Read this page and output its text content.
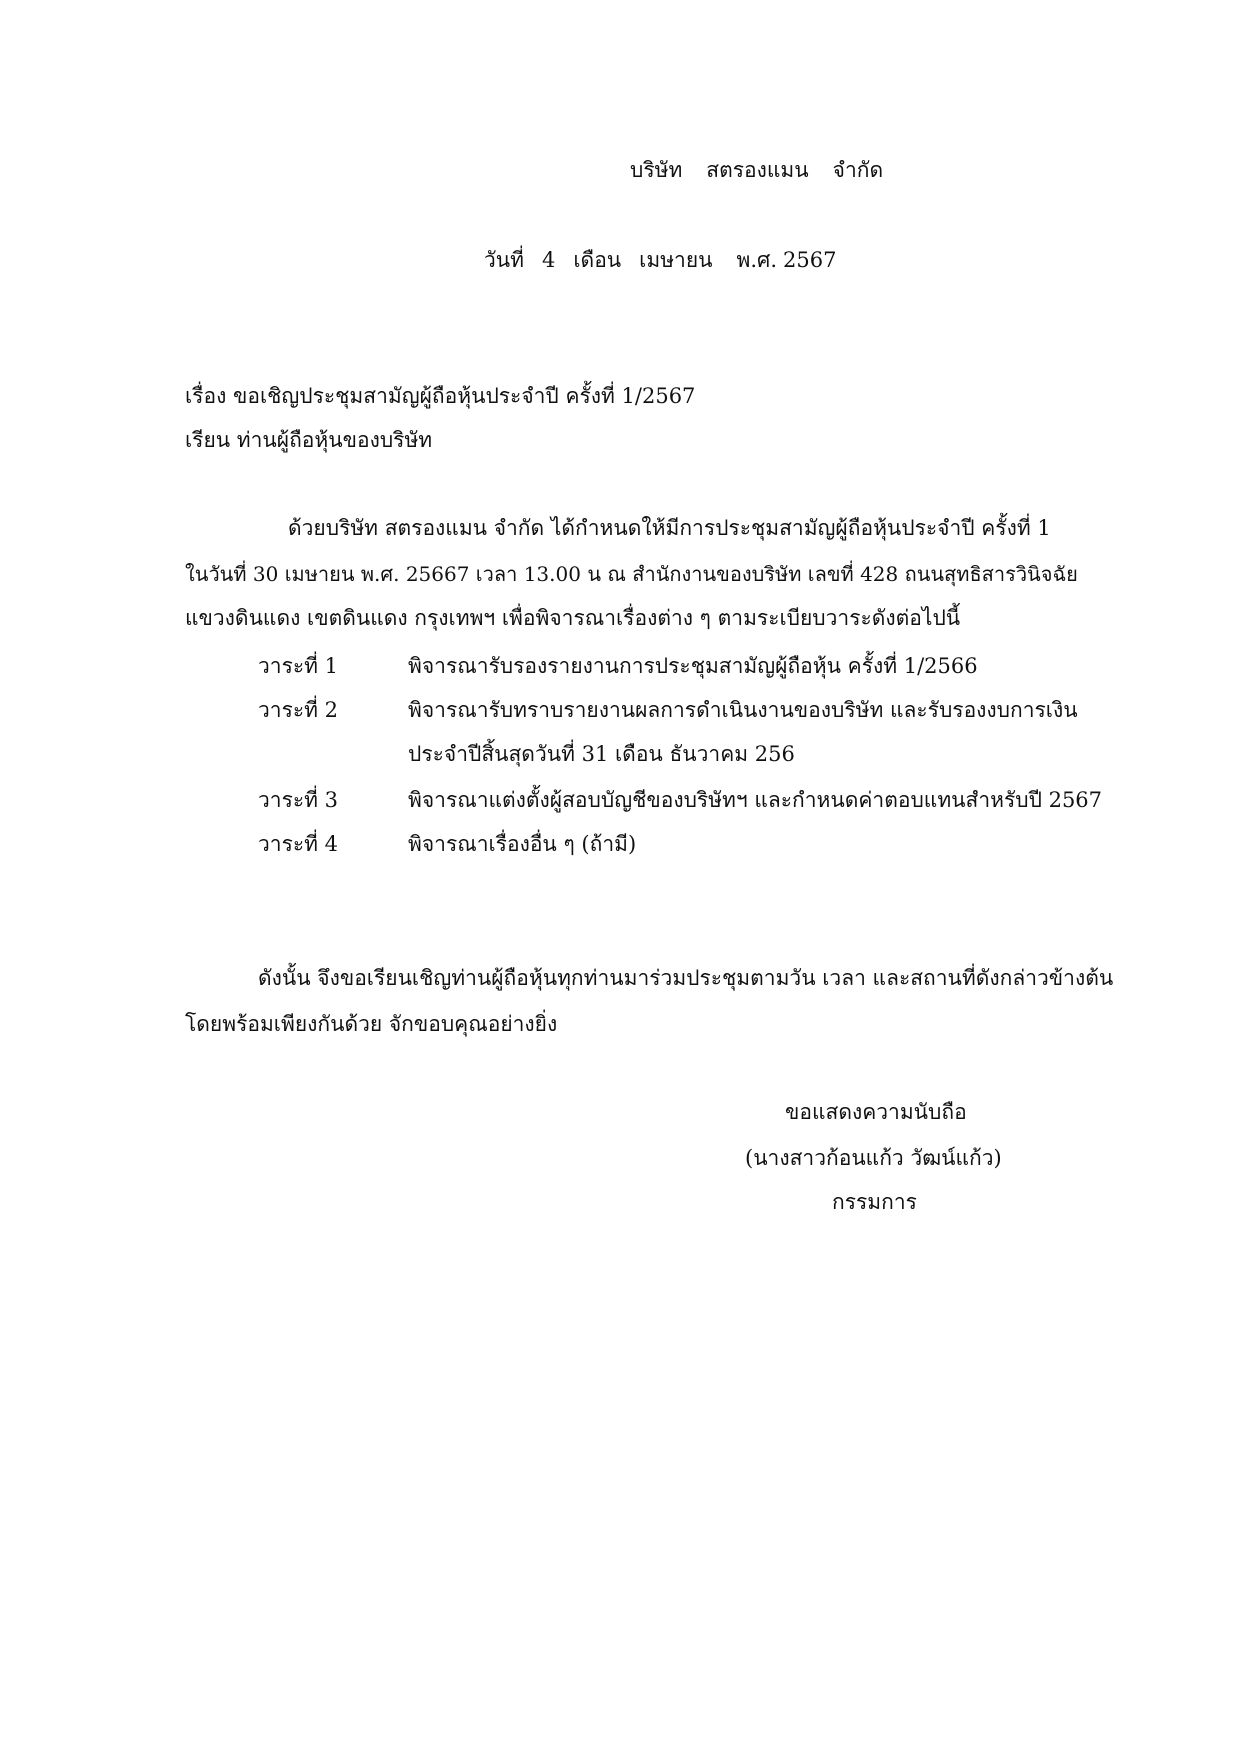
บริษัท สตรองแมน จำกัด

วันที่ 4 เดือน เมษายน พ.ศ. 2567

เรื่อง ขอเชิญประชุมสามัญผู้ถือหุ้นประจำปี ครั้งที่ 1/2567

เรียน ท่านผู้ถือหุ้นของบริษัท

ด้วยบริษัท สตรองแมน จำกัด ได้กำหนดให้มีการประชุมสามัญผู้ถือหุ้นประจำปี ครั้งที่ 1

ในวันที่ 30 เมษายน พ.ศ. 25667 เวลา 13.00 น ณ สำนักงานของบริษัท เลขที่ 428 ถนนสุทธิสารวินิจฉัย

แขวงดินแดง เขตดินแดง กรุงเทพฯ เพื่อพิจารณาเรื่องต่าง ๆ ตามระเบียบวาระดังต่อไปนี้

วาระที่ 1	พิจารณารับรองรายงานการประชุมสามัญผู้ถือหุ้น ครั้งที่ 1/2566

วาระที่ 2	พิจารณารับทราบรายงานผลการดำเนินงานของบริษัท และรับรองงบการเงิน

ประจำปีสิ้นสุดวันที่ 31 เดือน ธันวาคม 256

วาระที่ 3	พิจารณาแต่งตั้งผู้สอบบัญชีของบริษัทฯ และกำหนดค่าตอบแทนสำหรับปี 2567

วาระที่ 4	พิจารณาเรื่องอื่น ๆ (ถ้ามี)

ดังนั้น จึงขอเรียนเชิญท่านผู้ถือหุ้นทุกท่านมาร่วมประชุมตามวัน เวลา และสถานที่ดังกล่าวข้างต้น

โดยพร้อมเพียงกันด้วย จักขอบคุณอย่างยิ่ง

ขอแสดงความนับถือ

(นางสาวก้อนแก้ว วัฒน์แก้ว)

กรรมการ
